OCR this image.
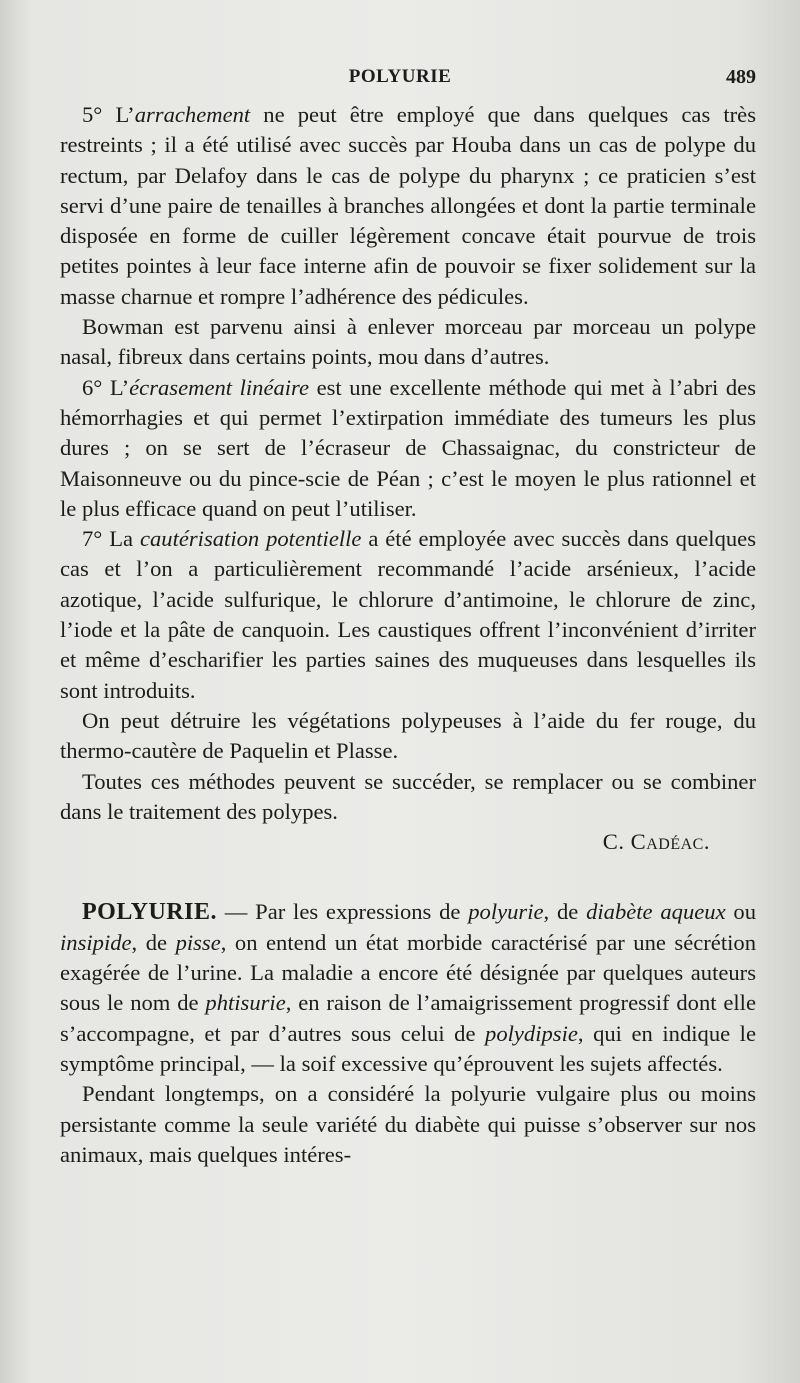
POLYURIE	489

5° L’arrachement ne peut être employé que dans quelques cas très restreints ; il a été utilisé avec succès par Houba dans un cas de polype du rectum, par Delafoy dans le cas de polype du pharynx ; ce praticien s’est servi d’une paire de tenailles à branches allongées et dont la partie terminale disposée en forme de cuiller légèrement concave était pourvue de trois petites pointes à leur face interne afin de pouvoir se fixer solidement sur la masse charnue et rompre l’adhérence des pédicules.

Bowman est parvenu ainsi à enlever morceau par morceau un polype nasal, fibreux dans certains points, mou dans d’autres.

6° L’écrasement linéaire est une excellente méthode qui met à l’abri des hémorrhagies et qui permet l’extirpation immédiate des tumeurs les plus dures ; on se sert de l’écraseur de Chassaignac, du constricteur de Maisonneuve ou du pince-scie de Péan ; c’est le moyen le plus rationnel et le plus efficace quand on peut l’utiliser.

7° La cautérisation potentielle a été employée avec succès dans quelques cas et l’on a particulièrement recommandé l’acide arsénieux, l’acide azotique, l’acide sulfurique, le chlorure d’antimoine, le chlorure de zinc, l’iode et la pâte de canquoin. Les caustiques offrent l’inconvénient d’irriter et même d’escharifier les parties saines des muqueuses dans lesquelles ils sont introduits.

On peut détruire les végétations polypeuses à l’aide du fer rouge, du thermo-cautère de Paquelin et Plasse.

Toutes ces méthodes peuvent se succéder, se remplacer ou se combiner dans le traitement des polypes.

C. Cadéac.

POLYURIE. — Par les expressions de polyurie, de diabète aqueux ou insipide, de pisse, on entend un état morbide caractérisé par une sécrétion exagérée de l’urine. La maladie a encore été désignée par quelques auteurs sous le nom de phtisurie, en raison de l’amaigrissement progressif dont elle s’accompagne, et par d’autres sous celui de polydipsie, qui en indique le symptôme principal, — la soif excessive qu’éprouvent les sujets affectés.

Pendant longtemps, on a considéré la polyurie vulgaire plus ou moins persistante comme la seule variété du diabète qui puisse s’observer sur nos animaux, mais quelques intéres-
